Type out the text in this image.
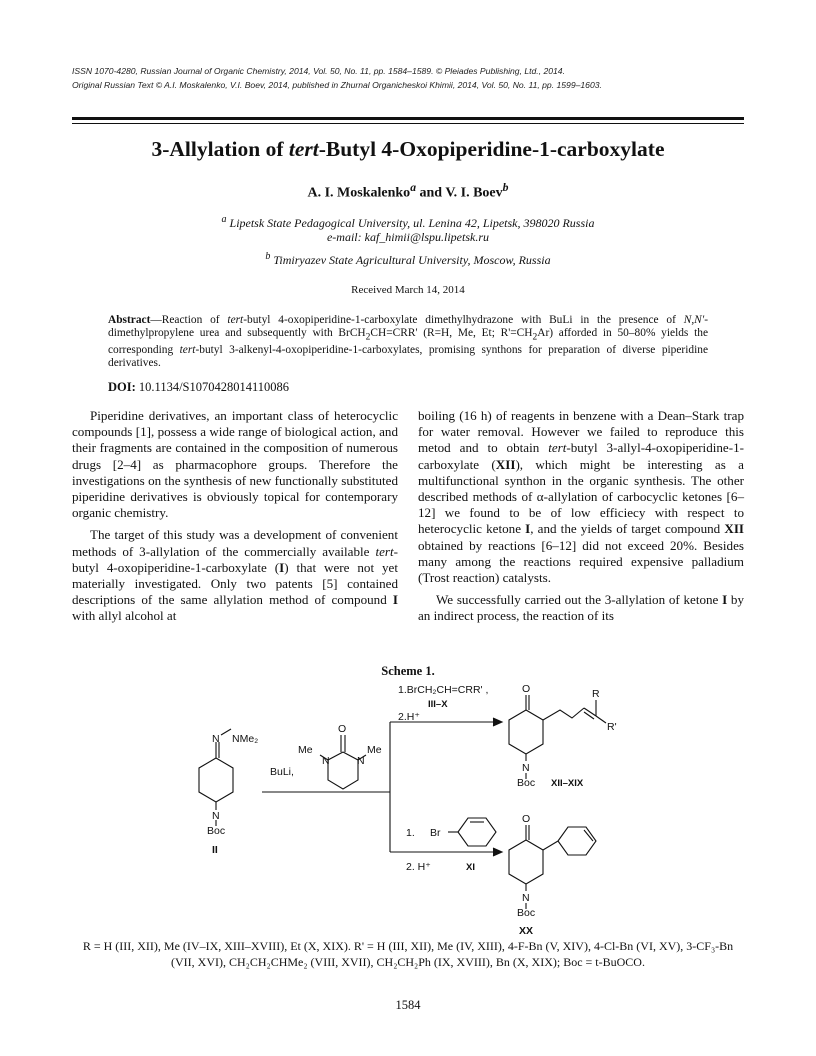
ISSN 1070-4280, Russian Journal of Organic Chemistry, 2014, Vol. 50, No. 11, pp. 1584–1589. © Pleiades Publishing, Ltd., 2014.
Original Russian Text © A.I. Moskalenko, V.I. Boev, 2014, published in Zhurnal Organicheskoi Khimii, 2014, Vol. 50, No. 11, pp. 1599–1603.
3-Allylation of tert-Butyl 4-Oxopiperidine-1-carboxylate
A. I. Moskalenko$^a$ and V. I. Boev$^b$
$^a$ Lipetsk State Pedagogical University, ul. Lenina 42, Lipetsk, 398020 Russia
e-mail: kaf_himii@lspu.lipetsk.ru
$^b$ Timiryazev State Agricultural University, Moscow, Russia
Received March 14, 2014
Abstract—Reaction of tert-butyl 4-oxopiperidine-1-carboxylate dimethylhydrazone with BuLi in the presence of N,N'-dimethylpropylene urea and subsequently with BrCH$_2$CH=CRR' (R=H, Me, Et; $R'=CH_2Ar$) afforded in 50–80% yields the corresponding tert-butyl 3-alkenyl-4-oxopiperidine-1-carboxylates, promising synthons for preparation of diverse piperidine derivatives.
DOI: 10.1134/S1070428014110086

Piperidine derivatives, an important class of heterocyclic compounds [1], possess a wide range of biological action, and their fragments are contained in the composition of numerous drugs [2–4] as pharmacophore groups. Therefore the investigations on the synthesis of new functionally substituted piperidine derivatives is obviously topical for contemporary organic chemistry.

The target of this study was a development of convenient methods of 3-allylation of the commercially available tert-butyl 4-oxopiperidine-1-carboxylate (I) that were not yet materially investigated. Only two patents [5] contained descriptions of the same allylation method of compound I with allyl alcohol at

boiling (16 h) of reagents in benzene with a Dean–Stark trap for water removal. However we failed to reproduce this metod and to obtain tert-butyl 3-allyl-4-oxopiperidine-1-carboxylate (XII), which might be interesting as a multifunctional synthon in the organic synthesis. The other described methods of α-allylation of carbocyclic ketones [6–12] we found to be of low efficiecy with respect to heterocyclic ketone I, and the yields of target compound XII obtained by reactions [6–12] did not exceed 20%. Besides many among the reactions required expensive palladium (Trost reaction) catalysts.

We successfully carried out the 3-allylation of ketone I by an indirect process, the reaction of its

Scheme 1.
NMe₂
N
N
Boc
II
BuLi,
O
N	N
Me	Me
1.BrCH₂CH=CRR' ,
III–X
2.H⁺
O	R
R'
N
Boc XII–XIX
1. Br
XI
2. H⁺
O
N
Boc
XX
R = H (III, XII), Me (IV–IX, XIII–XVIII), Et (X, XIX). R' = H (III, XII), Me (IV, XIII), 4-F-Bn (V, XIV), 4-Cl-Bn (VI, XV), 3-CF₃-Bn (VII, XVI), CH₂CH₂CHMe₂ (VIII, XVII), CH₂CH₂Ph (IX, XVIII), Bn (X, XIX); Boc = t-BuOCO.
1584
